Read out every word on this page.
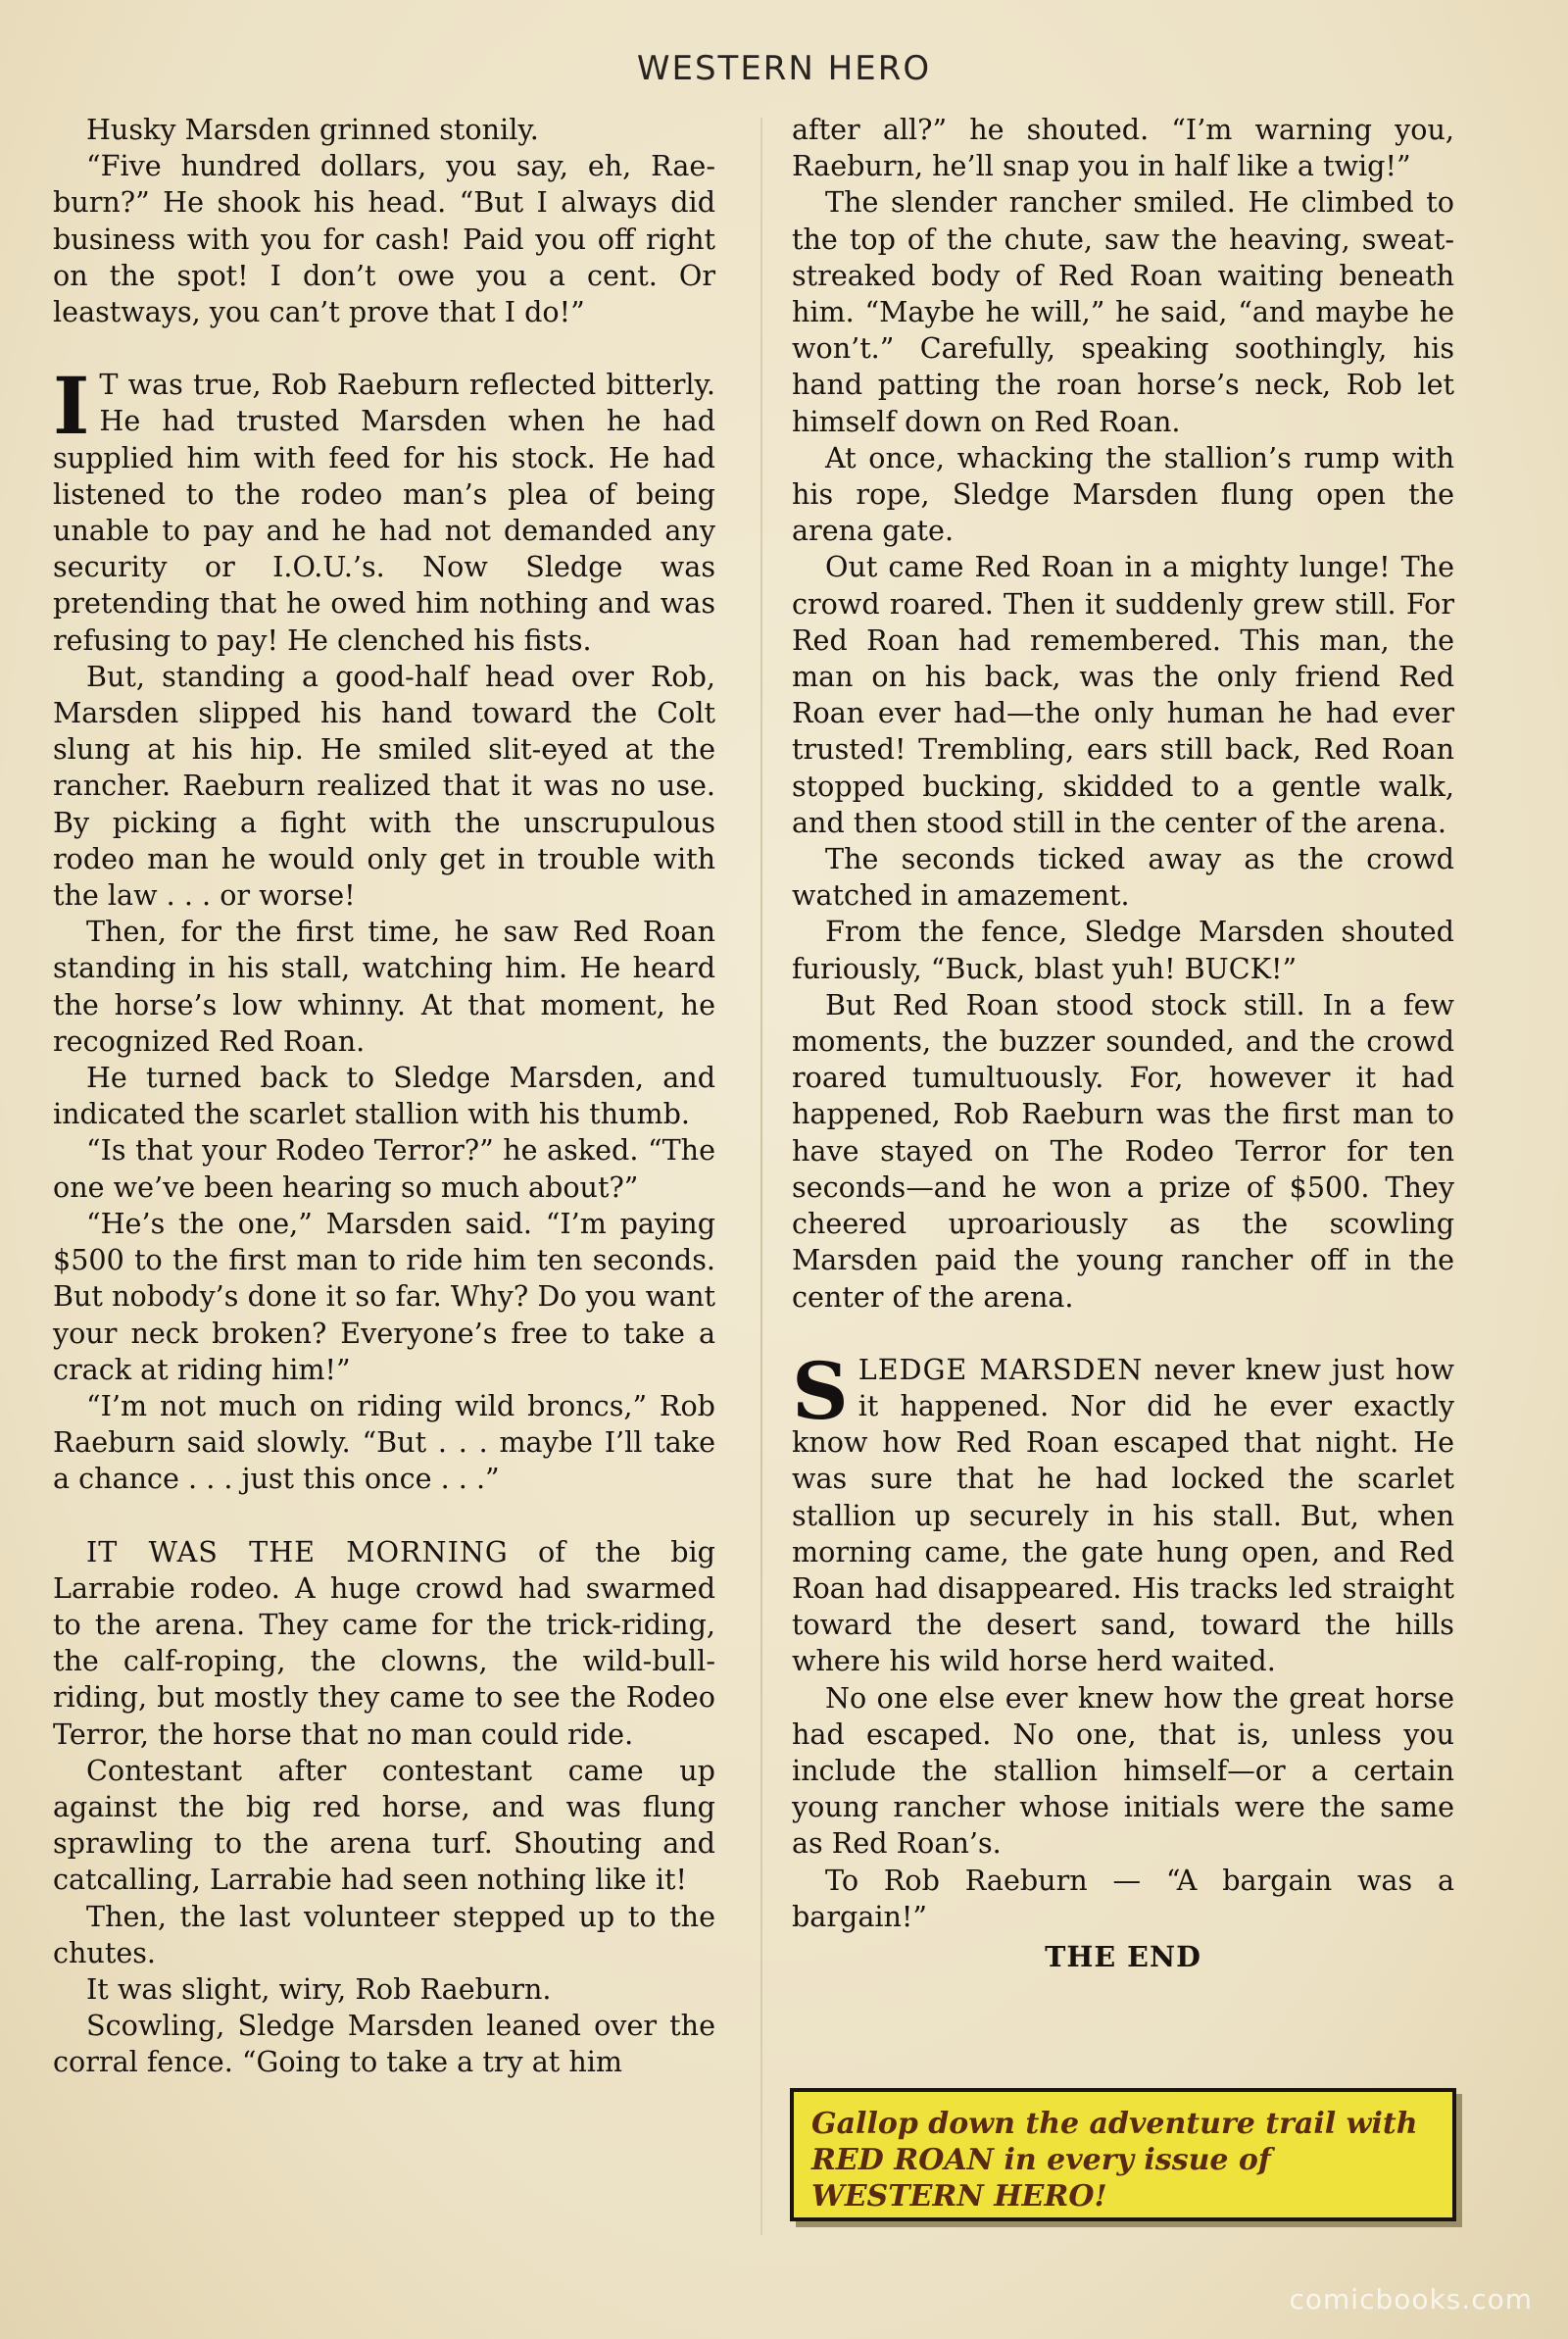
WESTERN HERO

Husky Marsden grinned stonily.

“Five hundred dollars, you say, eh, Raeburn?” He shook his head. “But I always did business with you for cash! Paid you off right on the spot! I don’t owe you a cent. Or leastways, you can’t prove that I do!”

I T was true, Rob Raeburn reflected bitterly. He had trusted Marsden when he had supplied him with feed for his stock. He had listened to the rodeo man’s plea of being unable to pay and he had not demanded any security or I.O.U.’s. Now Sledge was pretending that he owed him nothing and was refusing to pay! He clenched his fists.

But, standing a good-half head over Rob, Marsden slipped his hand toward the Colt slung at his hip. He smiled slit-eyed at the rancher. Raeburn realized that it was no use. By picking a fight with the unscrupulous rodeo man he would only get in trouble with the law . . . or worse!

Then, for the first time, he saw Red Roan standing in his stall, watching him. He heard the horse’s low whinny. At that moment, he recognized Red Roan.

He turned back to Sledge Marsden, and indicated the scarlet stallion with his thumb.

“Is that your Rodeo Terror?” he asked. “The one we’ve been hearing so much about?”

“He’s the one,” Marsden said. “I’m paying $500 to the first man to ride him ten seconds. But nobody’s done it so far. Why? Do you want your neck broken? Everyone’s free to take a crack at riding him!”

“I’m not much on riding wild broncs,” Rob Raeburn said slowly. “But . . . maybe I’ll take a chance . . . just this once . . .”

IT WAS THE MORNING of the big Larrabie rodeo. A huge crowd had swarmed to the arena. They came for the trick-riding, the calf-roping, the clowns, the wild-bull-riding, but mostly they came to see the Rodeo Terror, the horse that no man could ride.

Contestant after contestant came up against the big red horse, and was flung sprawling to the arena turf. Shouting and catcalling, Larrabie had seen nothing like it!

Then, the last volunteer stepped up to the chutes.

It was slight, wiry, Rob Raeburn.

Scowling, Sledge Marsden leaned over the corral fence. “Going to take a try at him

after all?” he shouted. “I’m warning you, Raeburn, he’ll snap you in half like a twig!”

The slender rancher smiled. He climbed to the top of the chute, saw the heaving, sweat-streaked body of Red Roan waiting beneath him. “Maybe he will,” he said, “and maybe he won’t.” Carefully, speaking soothingly, his hand patting the roan horse’s neck, Rob let himself down on Red Roan.

At once, whacking the stallion’s rump with his rope, Sledge Marsden flung open the arena gate.

Out came Red Roan in a mighty lunge! The crowd roared. Then it suddenly grew still. For Red Roan had remembered. This man, the man on his back, was the only friend Red Roan ever had—the only human he had ever trusted! Trembling, ears still back, Red Roan stopped bucking, skidded to a gentle walk, and then stood still in the center of the arena.

The seconds ticked away as the crowd watched in amazement.

From the fence, Sledge Marsden shouted furiously, “Buck, blast yuh! BUCK!”

But Red Roan stood stock still. In a few moments, the buzzer sounded, and the crowd roared tumultuously. For, however it had happened, Rob Raeburn was the first man to have stayed on The Rodeo Terror for ten seconds—and he won a prize of $500. They cheered uproariously as the scowling Marsden paid the young rancher off in the center of the arena.

SLEDGE MARSDEN never knew just how it happened. Nor did he ever exactly know how Red Roan escaped that night. He was sure that he had locked the scarlet stallion up securely in his stall. But, when morning came, the gate hung open, and Red Roan had disappeared. His tracks led straight toward the desert sand, toward the hills where his wild horse herd waited.

No one else ever knew how the great horse had escaped. No one, that is, unless you include the stallion himself—or a certain young rancher whose initials were the same as Red Roan’s.

To Rob Raeburn — “A bargain was a bargain!”

THE END
Gallop down the adventure trail with RED ROAN in every issue of WESTERN HERO!
comicbooks.com
